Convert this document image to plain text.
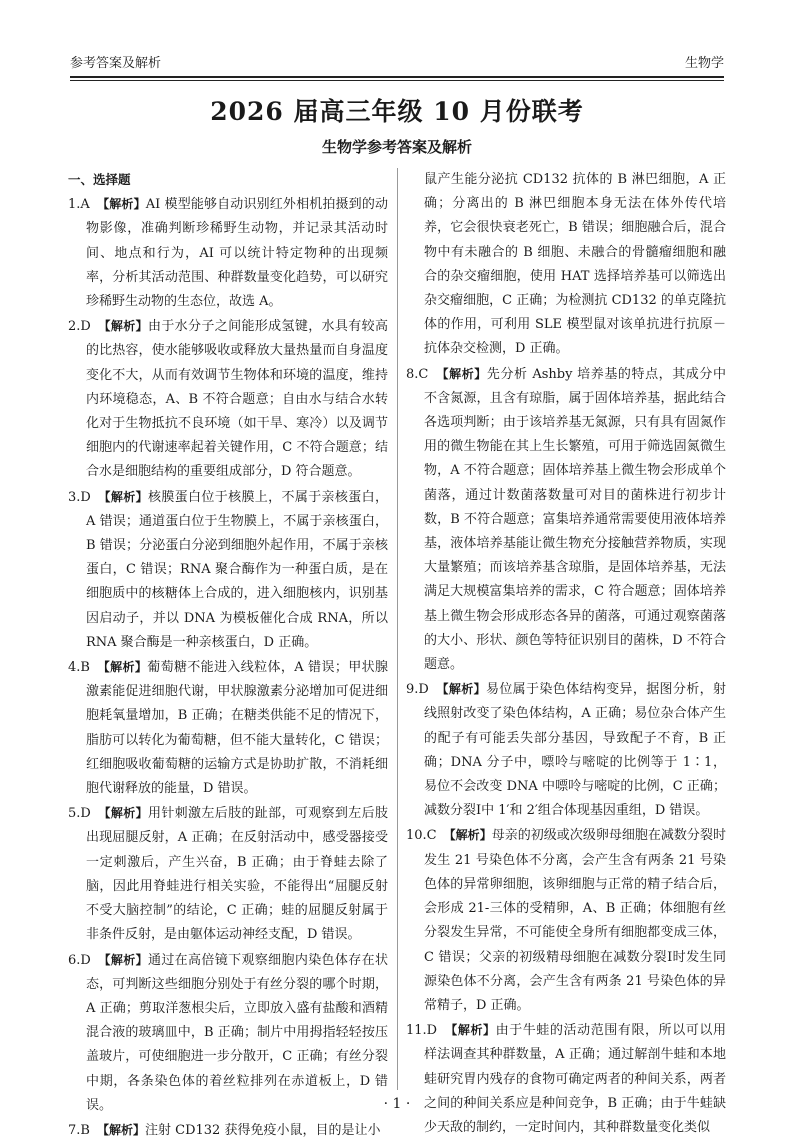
参考答案及解析	生物学
2026 届高三年级 10 月份联考
生物学参考答案及解析
一、选择题
1.A　 【解析】AI 模型能够自动识别红外相机拍摄到的动物影像，准确判断珍稀野生动物，并记录其活动时间、地点和行为，AI 可以统计特定物种的出现频率，分析其活动范围、种群数量变化趋势，可以研究珍稀野生动物的生态位，故选 A。
2.D　 【解析】由于水分子之间能形成氢键，水具有较高的比热容，使水能够吸收或释放大量热量而自身温度变化不大，从而有效调节生物体和环境的温度，维持内环境稳态，A、B 不符合题意；自由水与结合水转化对于生物抵抗不良环境（如干旱、寒冷）以及调节细胞内的代谢速率起着关键作用，C 不符合题意；结合水是细胞结构的重要组成部分，D 符合题意。
3.D　 【解析】核膜蛋白位于核膜上，不属于亲核蛋白，A 错误；通道蛋白位于生物膜上，不属于亲核蛋白，B 错误；分泌蛋白分泌到细胞外起作用，不属于亲核蛋白，C 错误；RNA 聚合酶作为一种蛋白质，是在细胞质中的核糖体上合成的，进入细胞核内，识别基因启动子，并以 DNA 为模板催化合成 RNA，所以 RNA 聚合酶是一种亲核蛋白，D 正确。
4.B　 【解析】葡萄糖不能进入线粒体，A 错误；甲状腺激素能促进细胞代谢，甲状腺激素分泌增加可促进细胞耗氧量增加，B 正确；在糖类供能不足的情况下，脂肪可以转化为葡萄糖，但不能大量转化，C 错误；红细胞吸收葡萄糖的运输方式是协助扩散，不消耗细胞代谢释放的能量，D 错误。
5.D　 【解析】用针刺激左后肢的趾部，可观察到左后肢出现屈腿反射，A 正确；在反射活动中，感受器接受一定刺激后，产生兴奋，B 正确；由于脊蛙去除了脑，因此用脊蛙进行相关实验，不能得出“屈腿反射不受大脑控制”的结论，C 正确；蛙的屈腿反射属于非条件反射，是由躯体运动神经支配，D 错误。
6.D　 【解析】通过在高倍镜下观察细胞内染色体存在状态，可判断这些细胞分别处于有丝分裂的哪个时期，A 正确；剪取洋葱根尖后，立即放入盛有盐酸和酒精混合液的玻璃皿中，B 正确；制片中用拇指轻轻按压盖玻片，可使细胞进一步分散开，C 正确；有丝分裂中期，各条染色体的着丝粒排列在赤道板上，D 错误。
7.B　 【解析】注射 CD132 获得免疫小鼠，目的是让小
鼠产生能分泌抗 CD132 抗体的 B 淋巴细胞，A 正确；分离出的 B 淋巴细胞本身无法在体外传代培养，它会很快衰老死亡，B 错误；细胞融合后，混合物中有未融合的 B 细胞、未融合的骨髓瘤细胞和融合的杂交瘤细胞，使用 HAT 选择培养基可以筛选出杂交瘤细胞，C 正确；为检测抗 CD132 的单克隆抗体的作用，可利用 SLE 模型鼠对该单抗进行抗原－抗体杂交检测，D 正确。
8.C　 【解析】先分析 Ashby 培养基的特点，其成分中不含氮源，且含有琼脂，属于固体培养基，据此结合各选项判断；由于该培养基无氮源，只有具有固氮作用的微生物能在其上生长繁殖，可用于筛选固氮微生物，A 不符合题意；固体培养基上微生物会形成单个菌落，通过计数菌落数量可对目的菌株进行初步计数，B 不符合题意；富集培养通常需要使用液体培养基，液体培养基能让微生物充分接触营养物质，实现大量繁殖；而该培养基含琼脂，是固体培养基，无法满足大规模富集培养的需求，C 符合题意；固体培养基上微生物会形成形态各异的菌落，可通过观察菌落的大小、形状、颜色等特征识别目的菌株，D 不符合题意。
9.D　 【解析】易位属于染色体结构变异，据图分析，射线照射改变了染色体结构，A 正确；易位杂合体产生的配子有可能丢失部分基因，导致配子不育，B 正确；DNA 分子中，嘌呤与嘧啶的比例等于 1∶1，易位不会改变 DNA 中嘌呤与嘧啶的比例，C 正确；减数分裂Ⅰ中 1′和 2′组合体现基因重组，D 错误。
10.C　 【解析】母亲的初级或次级卵母细胞在减数分裂时发生 21 号染色体不分离，会产生含有两条 21 号染色体的异常卵细胞，该卵细胞与正常的精子结合后，会形成 21-三体的受精卵，A、B 正确；体细胞有丝分裂发生异常，不可能使全身所有细胞都变成三体，C 错误；父亲的初级精母细胞在减数分裂Ⅰ时发生同源染色体不分离，会产生含有两条 21 号染色体的异常精子，D 正确。
11.D　 【解析】由于牛蛙的活动范围有限，所以可以用样法调查其种群数量，A 正确；通过解剖牛蛙和本地蛙研究胃内残存的食物可确定两者的种间关系，两者之间的种间关系应是种间竞争，B 正确；由于牛蛙缺少天敌的制约，一定时间内，其种群数量变化类似
· 1 ·
